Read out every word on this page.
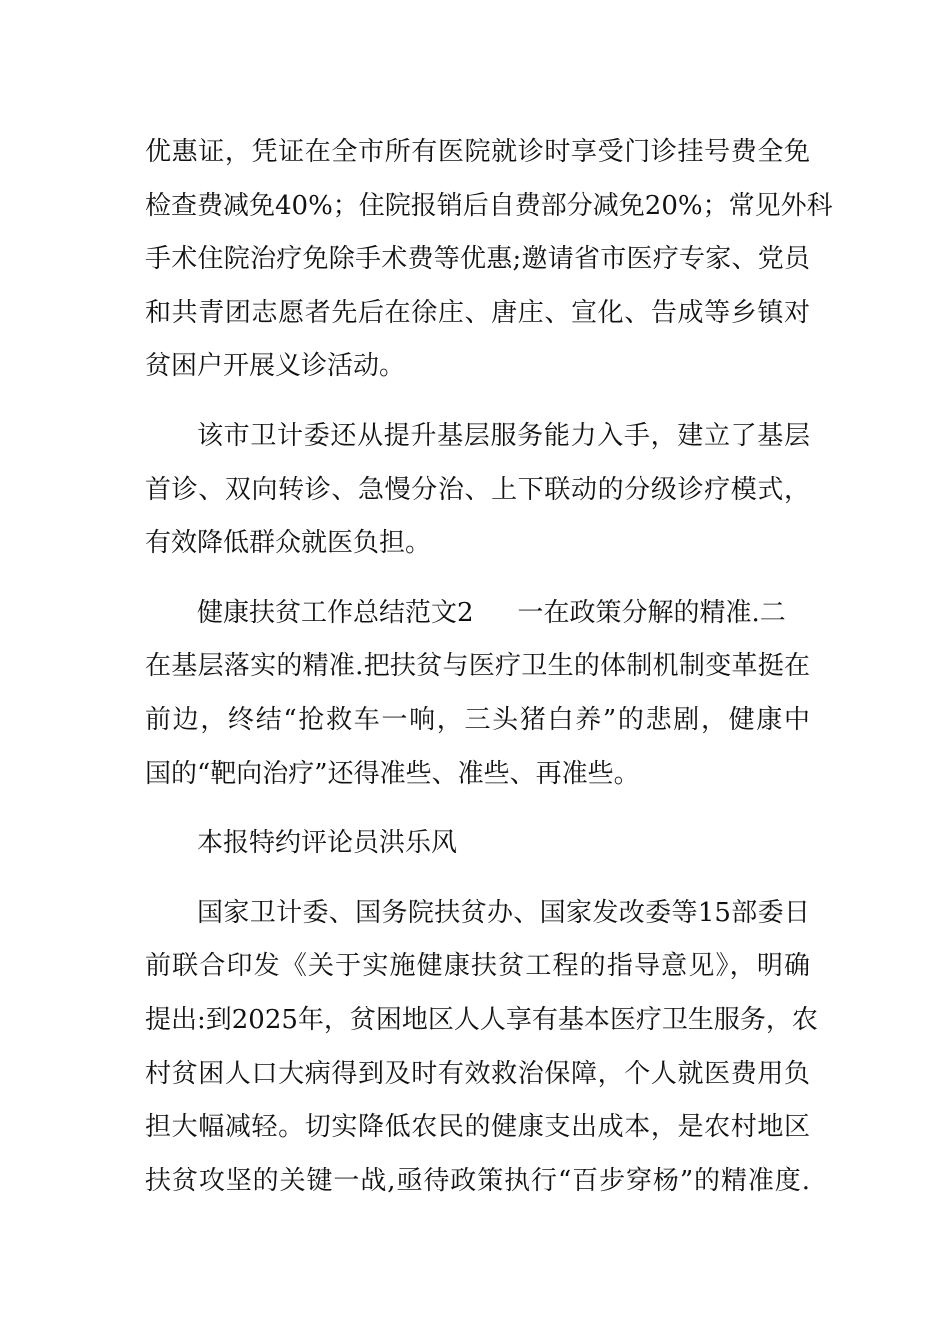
优惠证，凭证在全市所有医院就诊时享受门诊挂号费全免
检查费减免40%；住院报销后自费部分减免20%；常见外科
手术住院治疗免除手术费等优惠;邀请省市医疗专家、党员
和共青团志愿者先后在徐庄、唐庄、宣化、告成等乡镇对
贫困户开展义诊活动。
该市卫计委还从提升基层服务能力入手，建立了基层
首诊、双向转诊、急慢分治、上下联动的分级诊疗模式，
有效降低群众就医负担。
健康扶贫工作总结范文2 一在政策分解的精准.二
在基层落实的精准.把扶贫与医疗卫生的体制机制变革挺在
前边，终结“抢救车一响，三头猪白养”的悲剧，健康中
国的“靶向治疗”还得准些、准些、再准些。
本报特约评论员洪乐风
国家卫计委、国务院扶贫办、国家发改委等15部委日
前联合印发《关于实施健康扶贫工程的指导意见》，明确
提出:到2025年，贫困地区人人享有基本医疗卫生服务，农
村贫困人口大病得到及时有效救治保障，个人就医费用负
担大幅减轻。切实降低农民的健康支出成本，是农村地区
扶贫攻坚的关键一战,亟待政策执行“百步穿杨”的精准度.
